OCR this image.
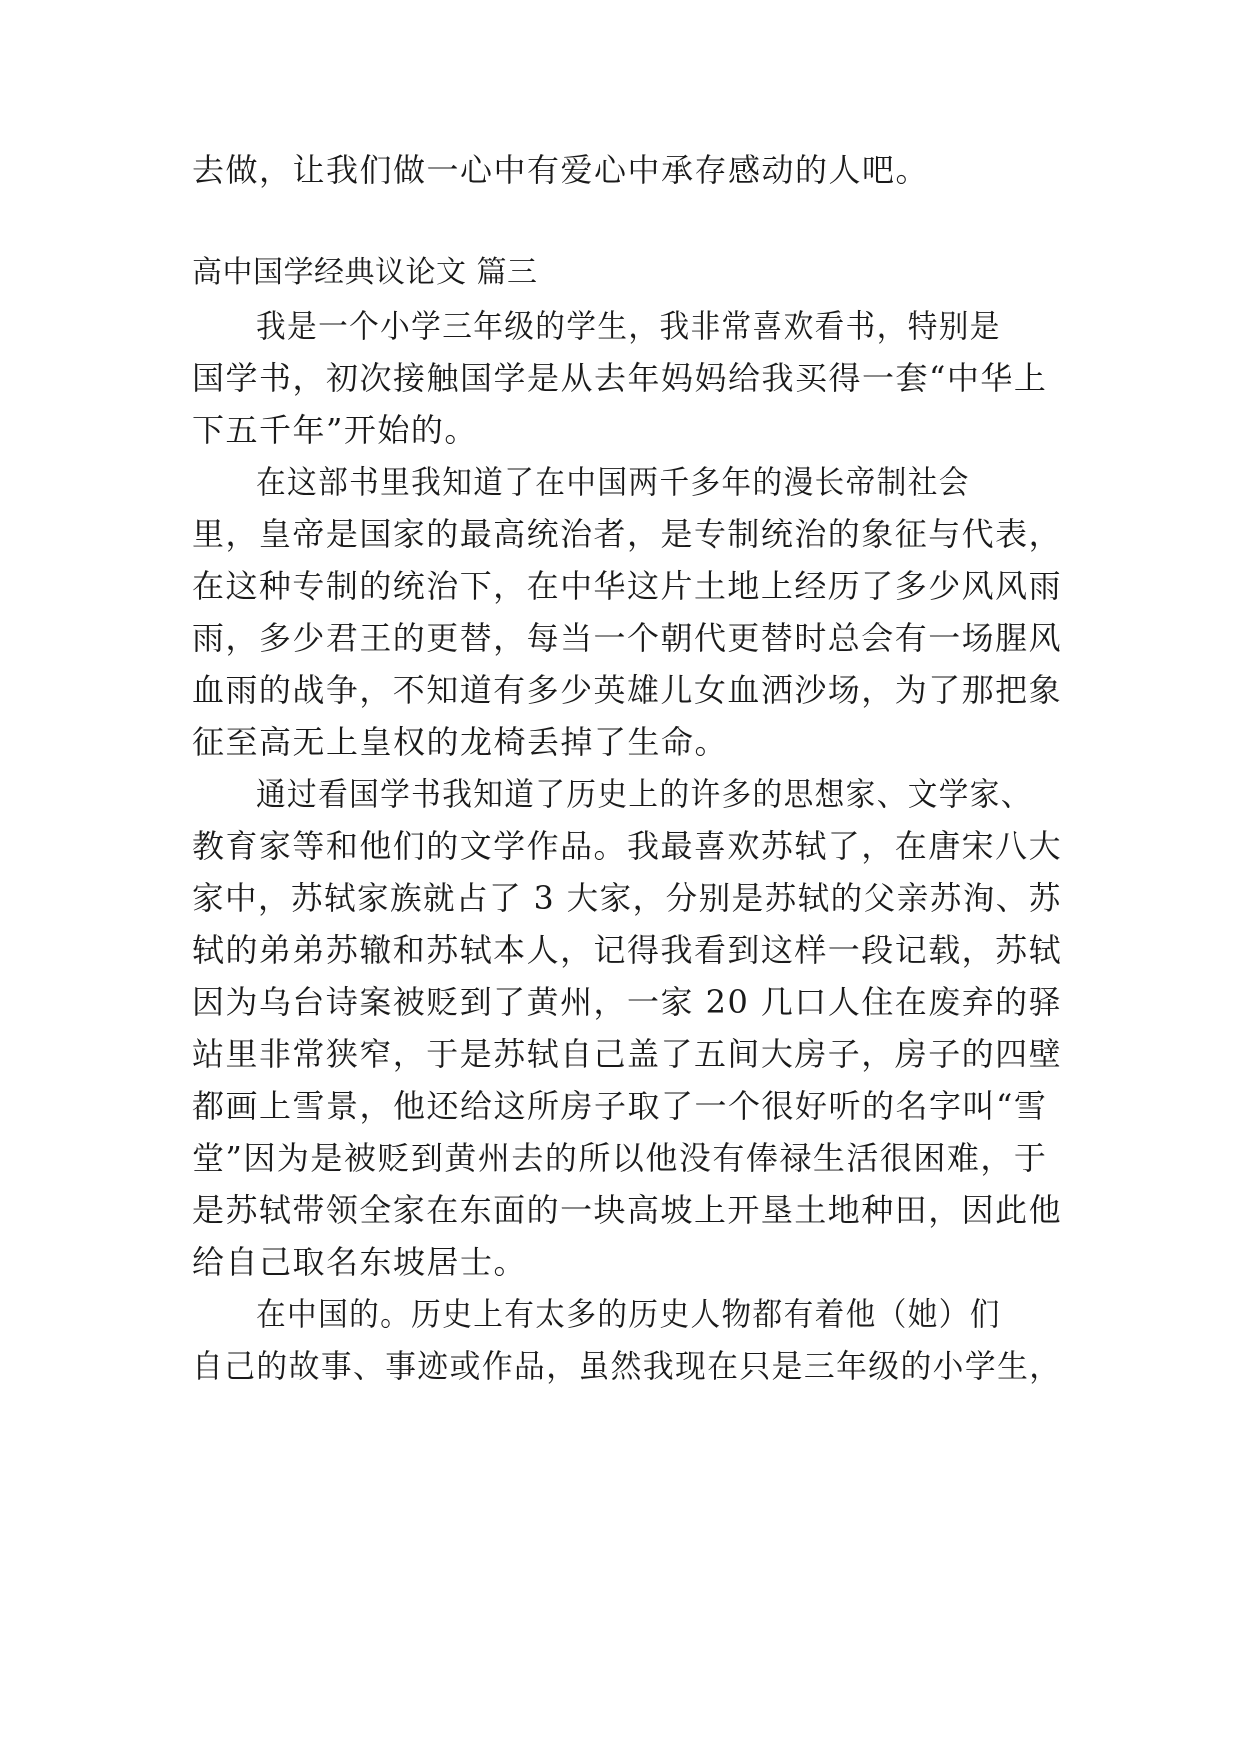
去做，让我们做一心中有爱心中承存感动的人吧。
高中国学经典议论文 篇三
我是一个小学三年级的学生，我非常喜欢看书，特别是
国学书，初次接触国学是从去年妈妈给我买得一套“中华上
下五千年”开始的。
在这部书里我知道了在中国两千多年的漫长帝制社会
里，皇帝是国家的最高统治者，是专制统治的象征与代表，
在这种专制的统治下，在中华这片土地上经历了多少风风雨
雨，多少君王的更替，每当一个朝代更替时总会有一场腥风
血雨的战争，不知道有多少英雄儿女血洒沙场，为了那把象
征至高无上皇权的龙椅丢掉了生命。
通过看国学书我知道了历史上的许多的思想家、文学家、
教育家等和他们的文学作品。我最喜欢苏轼了，在唐宋八大
家中，苏轼家族就占了 3 大家，分别是苏轼的父亲苏洵、苏
轼的弟弟苏辙和苏轼本人，记得我看到这样一段记载，苏轼
因为乌台诗案被贬到了黄州，一家 20 几口人住在废弃的驿
站里非常狭窄，于是苏轼自己盖了五间大房子，房子的四壁
都画上雪景，他还给这所房子取了一个很好听的名字叫“雪
堂”因为是被贬到黄州去的所以他没有俸禄生活很困难，于
是苏轼带领全家在东面的一块高坡上开垦土地种田，因此他
给自己取名东坡居士。
在中国的。历史上有太多的历史人物都有着他（她）们
自己的故事、事迹或作品，虽然我现在只是三年级的小学生，
